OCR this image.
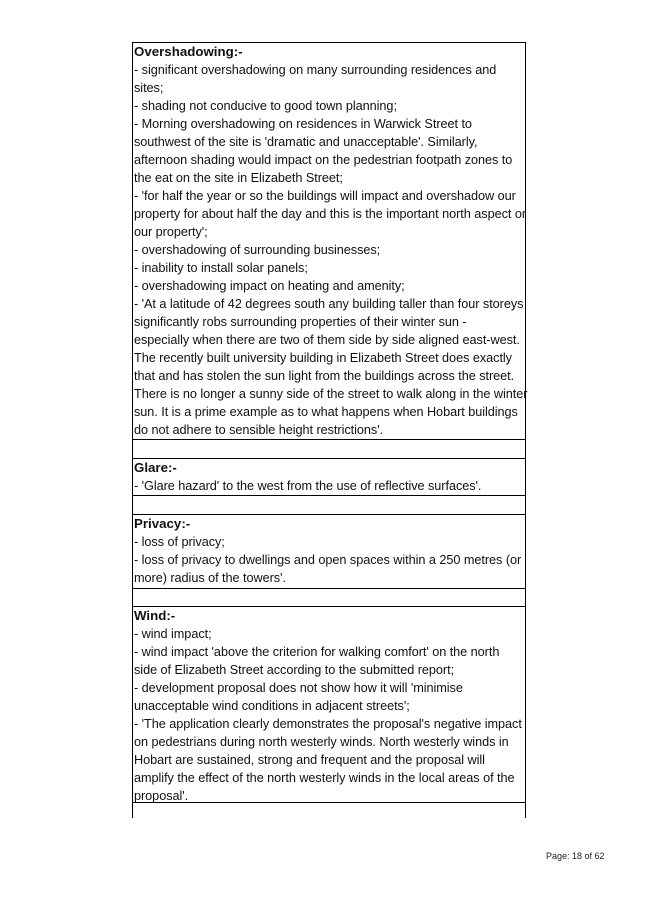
Overshadowing:-
- significant overshadowing on many surrounding residences and
sites;
- shading not conducive to good town planning;
- Morning overshadowing on residences in Warwick Street to
southwest of the site is 'dramatic and unacceptable'. Similarly,
afternoon shading would impact on the pedestrian footpath zones to
the eat on the site in Elizabeth Street;
- 'for half the year or so the buildings will impact and overshadow our
property for about half the day and this is the important north aspect or
our property';
- overshadowing of surrounding businesses;
- inability to install solar panels;
- overshadowing impact on heating and amenity;
- 'At a latitude of 42 degrees south any building taller than four storeys
significantly robs surrounding properties of their winter sun -
especially when there are two of them side by side aligned east-west.
The recently built university building in Elizabeth Street does exactly
that and has stolen the sun light from the buildings across the street.
There is no longer a sunny side of the street to walk along in the winter
sun. It is a prime example as to what happens when Hobart buildings
do not adhere to sensible height restrictions'.
Glare:-
- 'Glare hazard' to the west from the use of reflective surfaces'.
Privacy:-
- loss of privacy;
- loss of privacy to dwellings and open spaces within a 250 metres (or
more) radius of the towers'.
Wind:-
- wind impact;
- wind impact 'above the criterion for walking comfort' on the north
side of Elizabeth Street according to the submitted report;
- development proposal does not show how it will 'minimise
unacceptable wind conditions in adjacent streets';
- 'The application clearly demonstrates the proposal's negative impact
on pedestrians during north westerly winds. North westerly winds in
Hobart are sustained, strong and frequent and the proposal will
amplify the effect of the north westerly winds in the local areas of the
proposal'.
Page: 18 of 62
